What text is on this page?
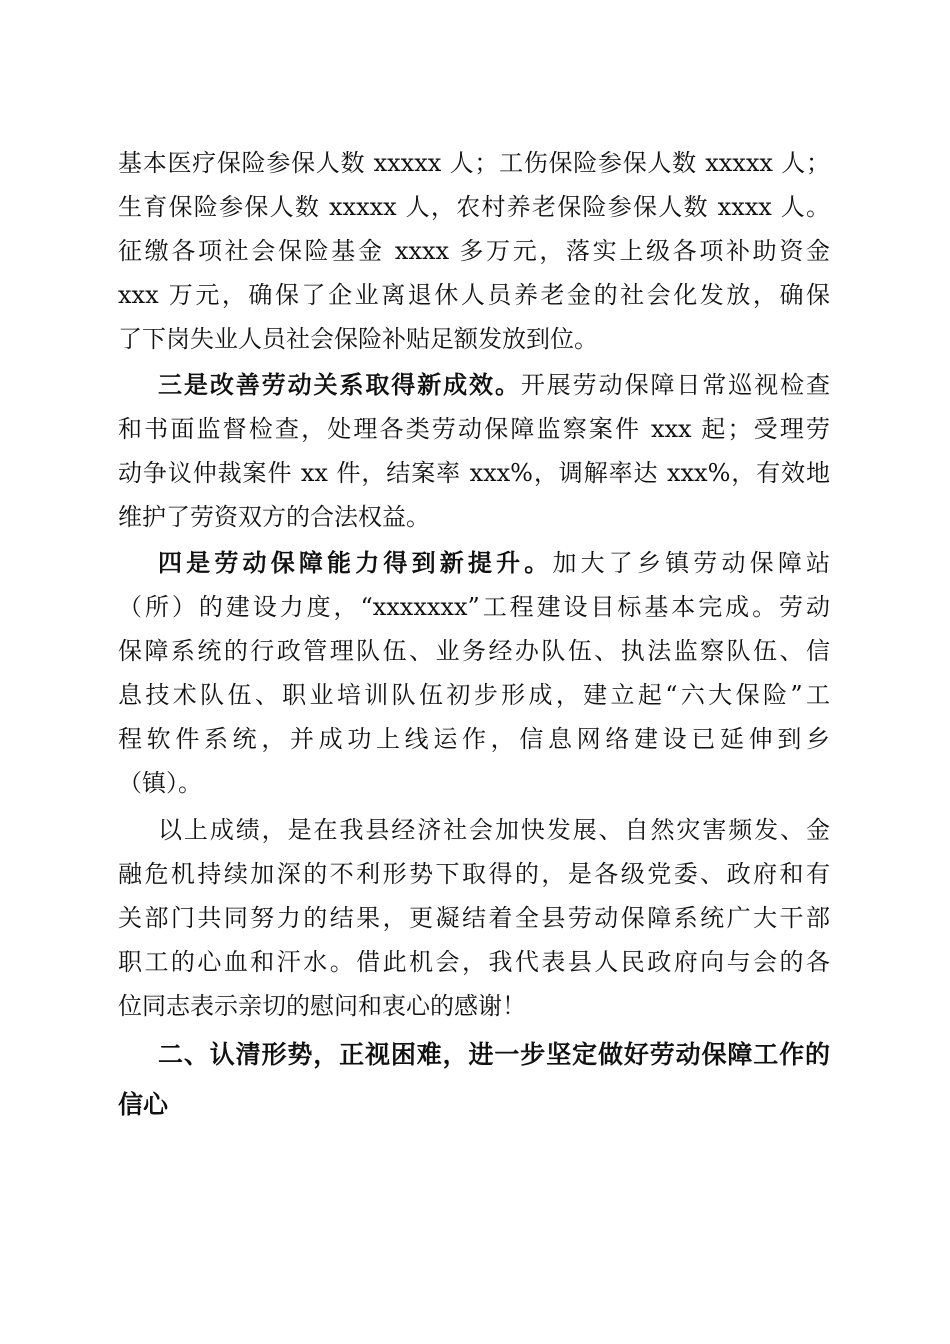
基本医疗保险参保人数 xxxxx 人；工伤保险参保人数 xxxxx 人；
生育保险参保人数 xxxxx 人，农村养老保险参保人数 xxxx 人。
征缴各项社会保险基金 xxxx 多万元，落实上级各项补助资金
xxx 万元，确保了企业离退休人员养老金的社会化发放，确保
了下岗失业人员社会保险补贴足额发放到位。
三是改善劳动关系取得新成效。开展劳动保障日常巡视检查
和书面监督检查，处理各类劳动保障监察案件 xxx 起；受理劳
动争议仲裁案件 xx 件，结案率 xxx%，调解率达 xxx%，有效地
维护了劳资双方的合法权益。
四是劳动保障能力得到新提升。加大了乡镇劳动保障站
（所）的建设力度，“xxxxxxx”工程建设目标基本完成。劳动
保障系统的行政管理队伍、业务经办队伍、执法监察队伍、信
息技术队伍、职业培训队伍初步形成，建立起“六大保险”工
程软件系统，并成功上线运作，信息网络建设已延伸到乡
（镇）。
以上成绩，是在我县经济社会加快发展、自然灾害频发、金
融危机持续加深的不利形势下取得的，是各级党委、政府和有
关部门共同努力的结果，更凝结着全县劳动保障系统广大干部
职工的心血和汗水。借此机会，我代表县人民政府向与会的各
位同志表示亲切的慰问和衷心的感谢！
二、认清形势，正视困难，进一步坚定做好劳动保障工作的
信心
